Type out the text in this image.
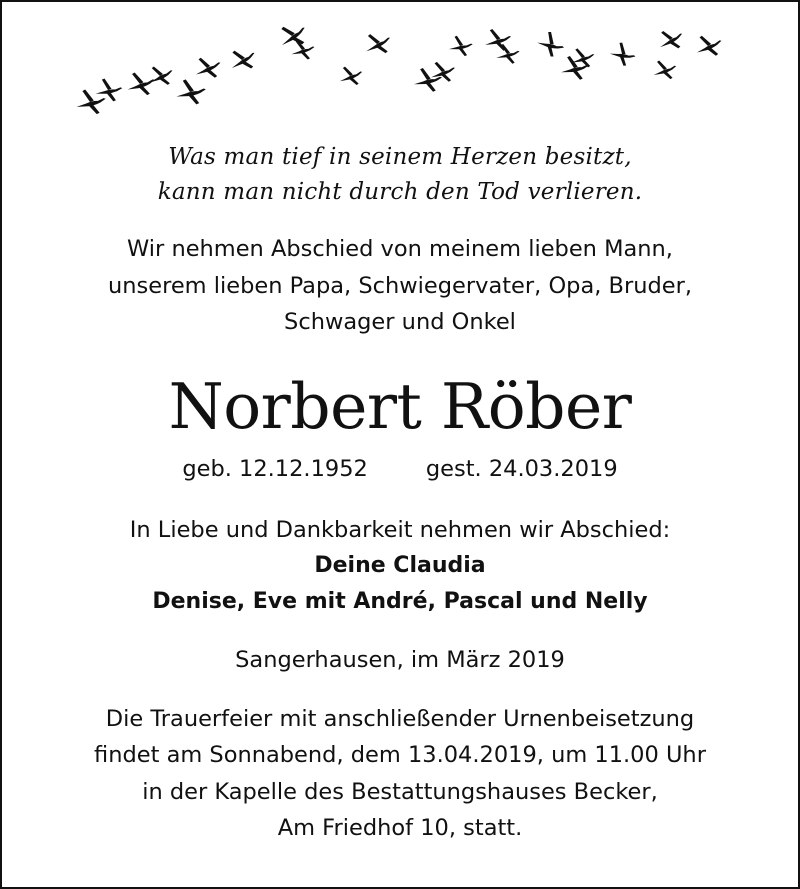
Was man tief in seinem Herzen besitzt,
kann man nicht durch den Tod verlieren.
Wir nehmen Abschied von meinem lieben Mann,
unserem lieben Papa, Schwiegervater, Opa, Bruder,
Schwager und Onkel
Norbert Röber
geb. 12.12.1952	gest. 24.03.2019
In Liebe und Dankbarkeit nehmen wir Abschied:
Deine Claudia
Denise, Eve mit André, Pascal und Nelly
Sangerhausen, im März 2019
Die Trauerfeier mit anschließender Urnenbeisetzung
findet am Sonnabend, dem 13.04.2019, um 11.00 Uhr
in der Kapelle des Bestattungshauses Becker,
Am Friedhof 10, statt.
